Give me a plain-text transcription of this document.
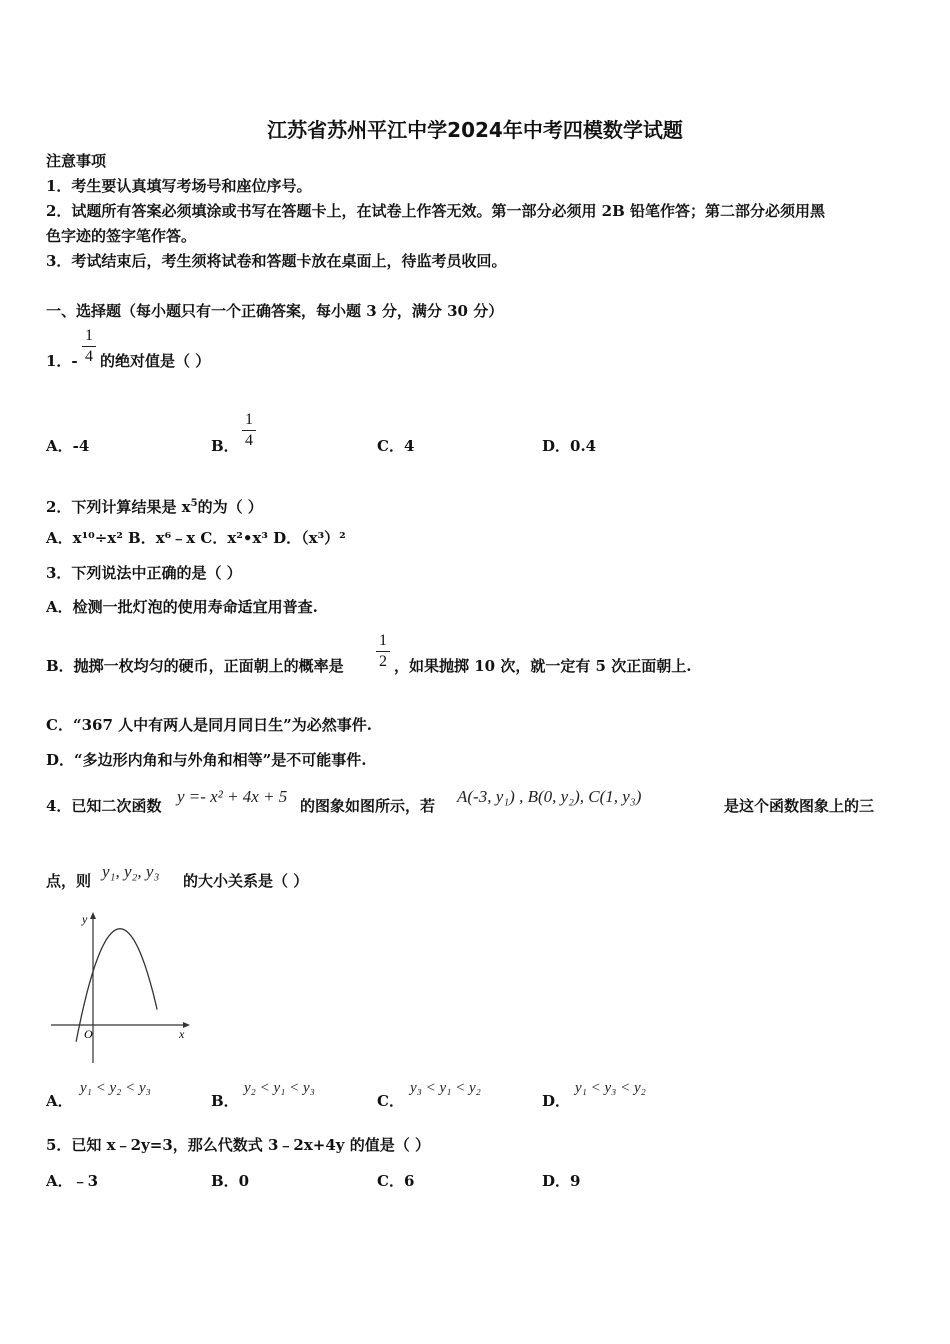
江苏省苏州平江中学2024年中考四模数学试题
注意事项
1．考生要认真填写考场号和座位序号。
2．试题所有答案必须填涂或书写在答题卡上，在试卷上作答无效。第一部分必须用 2B 铅笔作答；第二部分必须用黑
色字迹的签字笔作答。
3．考试结束后，考生须将试卷和答题卡放在桌面上，待监考员收回。
一、选择题（每小题只有一个正确答案，每小题 3 分，满分 30 分）
1．-
1
4 的绝对值是（ ）
A．-4	B．
1
4	C．4	D．0.4
2．下列计算结果是 $x^5$的为（ ）
A．x¹⁰÷x² B．x⁶﹣x C．x²•x³ D．（x³）²
3．下列说法中正确的是（ ）
A．检测一批灯泡的使用寿命适宜用普查.
B．抛掷一枚均匀的硬币，正面朝上的概率是
1
2 ，如果抛掷 10 次，就一定有 5 次正面朝上.
C．“367 人中有两人是同月同日生”为必然事件.
D．“多边形内角和与外角和相等”是不可能事件.
4．已知二次函数 y =- x² + 4x + 5 的图象如图所示，若 A(-3, y₁) , B(0, y₂), C(1, y₃)	是这个函数图象上的三
点，则 y₁, y₂, y₃ 的大小关系是（ ）
y
x
O
A．
y₁ < y₂ < y₃
B．
y₂ < y₁ < y₃
C．
y₃ < y₁ < y₂
D．
y₁ < y₃ < y₂
5．已知 x﹣2y=3，那么代数式 3﹣2x+4y 的值是（ ）
A．﹣3	B．0	C．6	D．9
